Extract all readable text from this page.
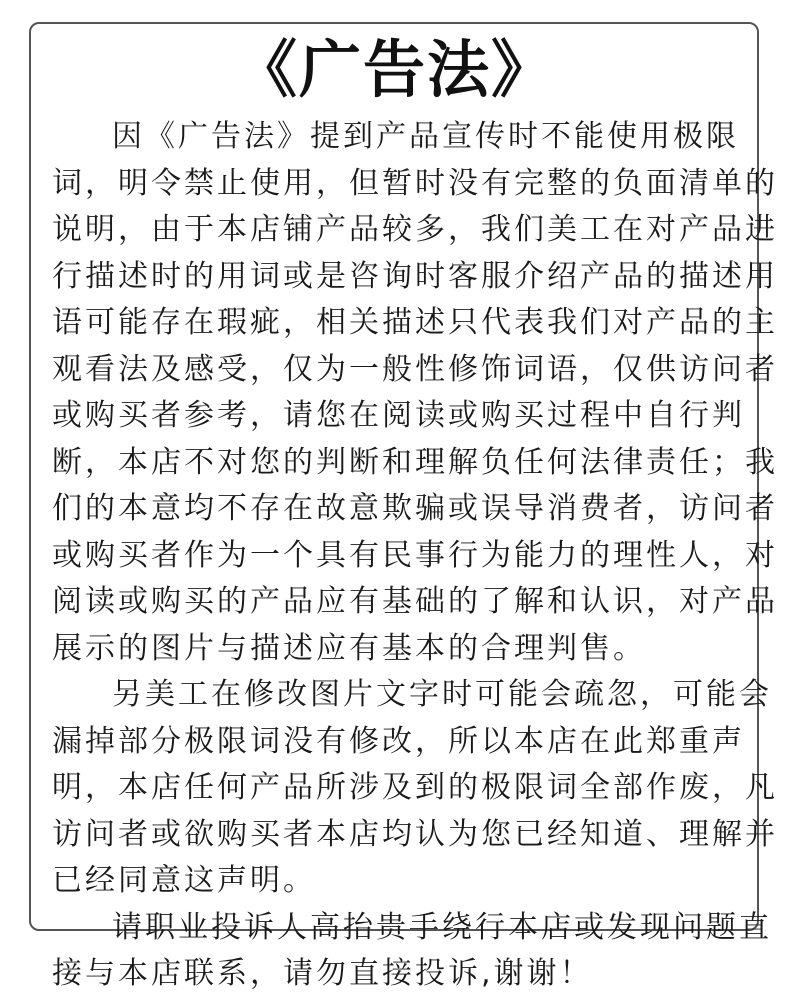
《广告法》
因《广告法》提到产品宣传时不能使用极限
词，明令禁止使用，但暂时没有完整的负面清单的
说明，由于本店铺产品较多，我们美工在对产品进
行描述时的用词或是咨询时客服介绍产品的描述用
语可能存在瑕疵，相关描述只代表我们对产品的主
观看法及感受，仅为一般性修饰词语，仅供访问者
或购买者参考，请您在阅读或购买过程中自行判
断，本店不对您的判断和理解负任何法律责任；我
们的本意均不存在故意欺骗或误导消费者，访问者
或购买者作为一个具有民事行为能力的理性人，对
阅读或购买的产品应有基础的了解和认识，对产品
展示的图片与描述应有基本的合理判售。
另美工在修改图片文字时可能会疏忽，可能会
漏掉部分极限词没有修改，所以本店在此郑重声
明，本店任何产品所涉及到的极限词全部作废，凡
访问者或欲购买者本店均认为您已经知道、理解并
已经同意这声明。
请职业投诉人高抬贵手绕行本店或发现问题直
接与本店联系，请勿直接投诉,谢谢！
